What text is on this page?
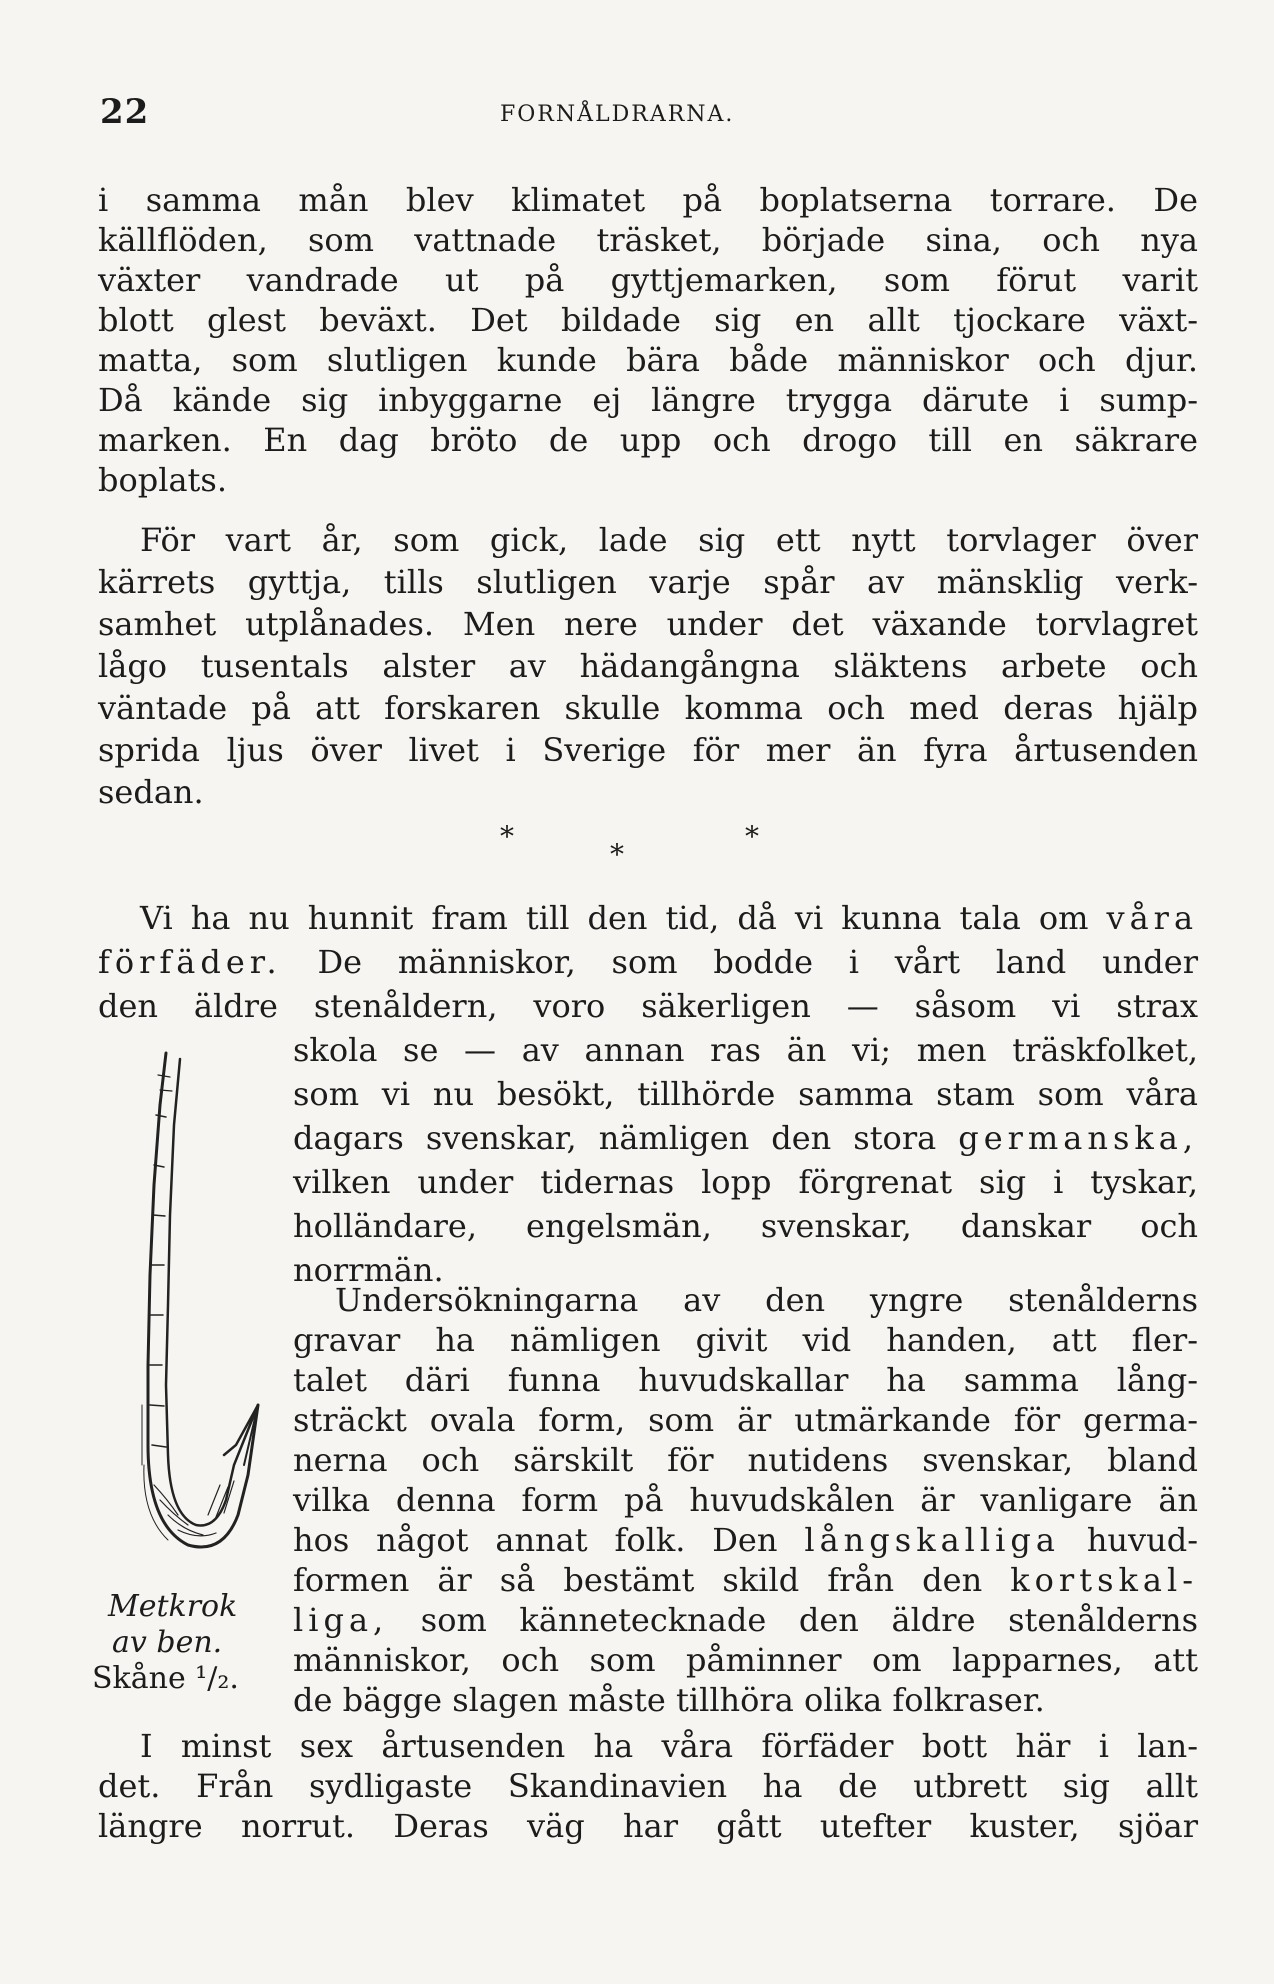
22	FORNÅLDRARNA.
i samma mån blev klimatet på boplatserna torrare. De
källflöden, som vattnade träsket, började sina, och nya
växter vandrade ut på gyttjemarken, som förut varit
blott glest beväxt. Det bildade sig en allt tjockare växt-
matta, som slutligen kunde bära både människor och djur.
Då kände sig inbyggarne ej längre trygga därute i sump-
marken. En dag bröto de upp och drogo till en säkrare
boplats.
För vart år, som gick, lade sig ett nytt torvlager över
kärrets gyttja, tills slutligen varje spår av mänsklig verk-
samhet utplånades. Men nere under det växande torvlagret
lågo tusentals alster av hädangångna släktens arbete och
väntade på att forskaren skulle komma och med deras hjälp
sprida ljus över livet i Sverige för mer än fyra årtusenden
sedan.
*
*
*
Vi ha nu hunnit fram till den tid, då vi kunna tala om våra
förfäder. De människor, som bodde i vårt land under
den äldre stenåldern, voro säkerligen — såsom vi strax
skola se — av annan ras än vi; men träskfolket,
som vi nu besökt, tillhörde samma stam som våra
dagars svenskar, nämligen den stora germanska,
vilken under tidernas lopp förgrenat sig i tyskar,
holländare, engelsmän, svenskar, danskar och
norrmän.
Undersökningarna av den yngre stenålderns
gravar ha nämligen givit vid handen, att fler-
talet däri funna huvudskallar ha samma lång-
sträckt ovala form, som är utmärkande för germa-
nerna och särskilt för nutidens svenskar, bland
vilka denna form på huvudskålen är vanligare än
hos något annat folk. Den långskalliga huvud-
formen är så bestämt skild från den kortskal-
liga, som kännetecknade den äldre stenålderns
människor, och som påminner om lapparnes, att
de bägge slagen måste tillhöra olika folkraser.
I minst sex årtusenden ha våra förfäder bott här i lan-
det. Från sydligaste Skandinavien ha de utbrett sig allt
längre norrut. Deras väg har gått utefter kuster, sjöar
Metkrok
av ben.
Skåne ¹/₂.
